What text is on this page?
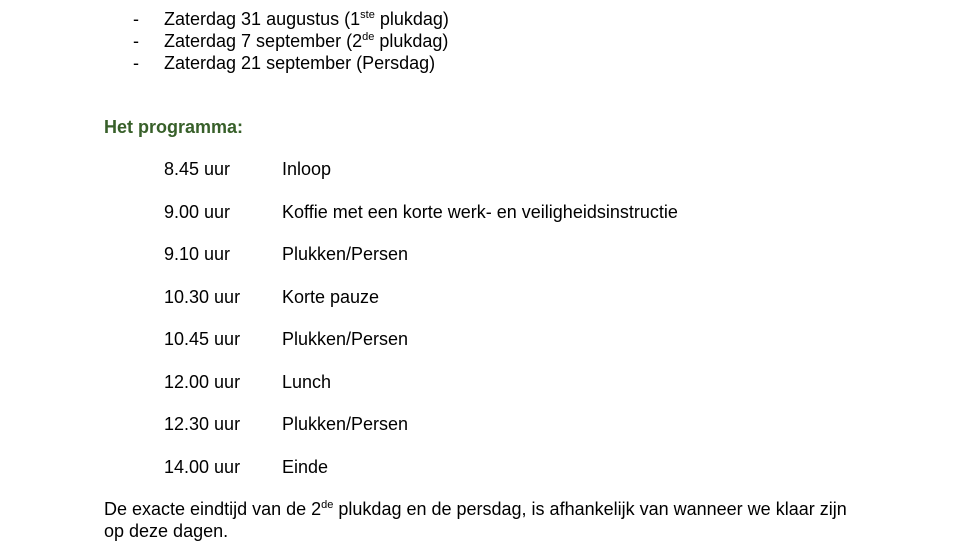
- Zaterdag 31 augustus (1ste plukdag)
- Zaterdag 7 september (2de plukdag)
- Zaterdag 21 september (Persdag)
Het programma:
8.45 uur	Inloop
9.00 uur	Koffie met een korte werk- en veiligheidsinstructie
9.10 uur	Plukken/Persen
10.30 uur Korte pauze
10.45 uur Plukken/Persen
12.00 uur Lunch
12.30 uur Plukken/Persen
14.00 uur Einde

De exacte eindtijd van de 2de plukdag en de persdag, is afhankelijk van wanneer we klaar zijn op deze dagen.
